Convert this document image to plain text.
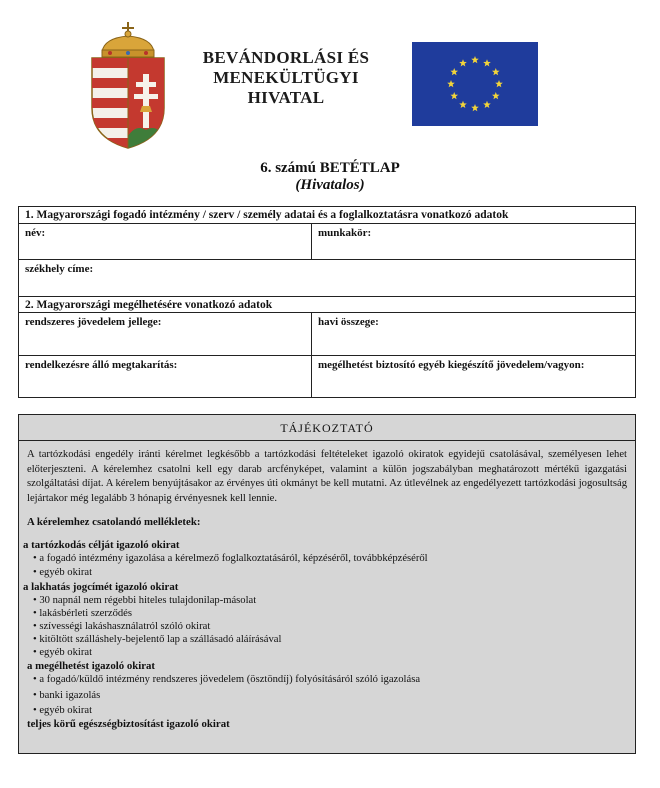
BEVÁNDORLÁSI ÉS
MENEKÜLTÜGYI
HIVATAL
6. számú BETÉTLAP
(Hivatalos)
1. Magyarországi fogadó intézmény / szerv / személy adatai és a foglalkoztatásra vonatkozó adatok
név:	munkakör:
székhely címe:
2. Magyarországi megélhetésére vonatkozó adatok
rendszeres jövedelem jellege:	havi összege:
rendelkezésre álló megtakarítás:	megélhetést biztosító egyéb kiegészítő jövedelem/vagyon:
TÁJÉKOZTATÓ
A tartózkodási engedély iránti kérelmet legkésőbb a tartózkodási feltételeket igazoló okiratok egyidejű csatolásával, személyesen lehet előterjeszteni. A kérelemhez csatolni kell egy darab arcfényképet, valamint a külön jogszabályban meghatározott mértékű igazgatási szolgáltatási díjat. A kérelem benyújtásakor az érvényes úti okmányt be kell mutatni. Az útlevélnek az engedélyezett tartózkodási jogosultság lejártakor még legalább 3 hónapig érvényesnek kell lennie.
A kérelemhez csatolandó mellékletek:
a tartózkodás célját igazoló okirat
• a fogadó intézmény igazolása a kérelmező foglalkoztatásáról, képzéséről, továbbképzéséről
• egyéb okirat
a lakhatás jogcímét igazoló okirat
• 30 napnál nem régebbi hiteles tulajdonilap-másolat
• lakásbérleti szerződés
• szívességi lakáshasználatról szóló okirat
• kitöltött szálláshely-bejelentő lap a szállásadó aláírásával
• egyéb okirat
a megélhetést igazoló okirat
• a fogadó/küldő intézmény rendszeres jövedelem (ösztöndíj) folyósításáról szóló igazolása
• banki igazolás
• egyéb okirat
teljes körű egészségbiztosítást igazoló okirat
